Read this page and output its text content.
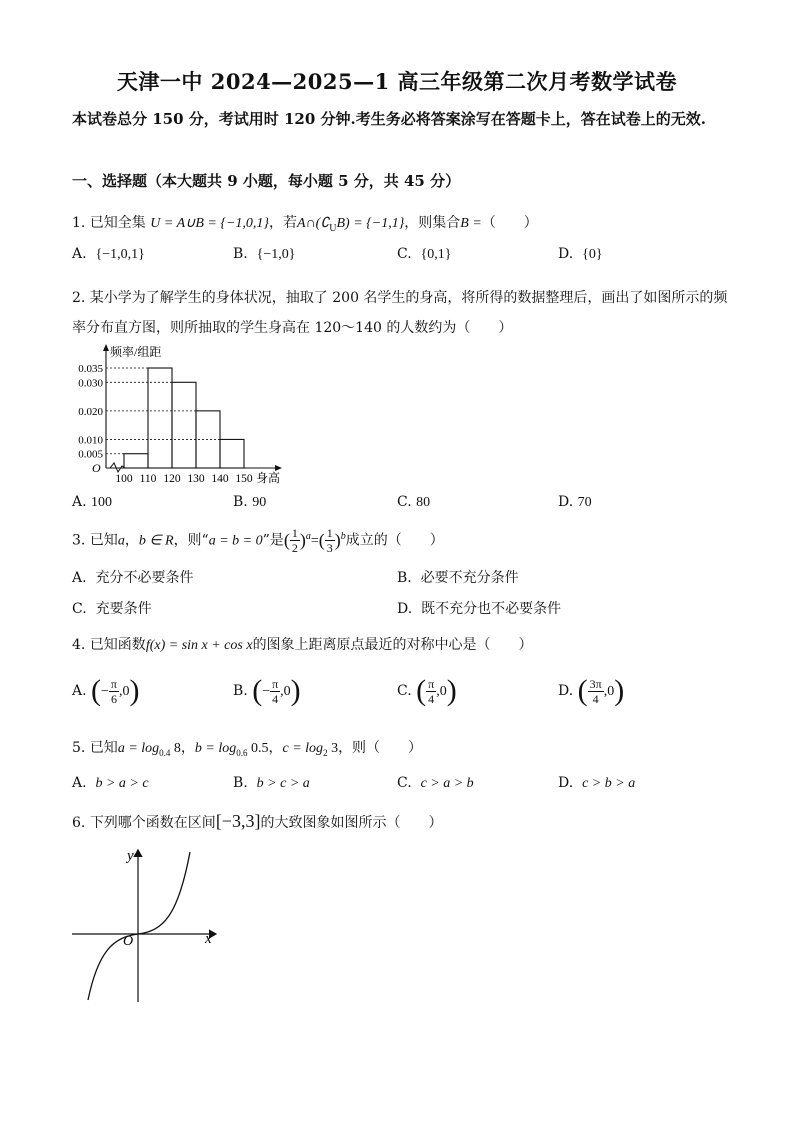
天津一中 2024—2025—1 高三年级第二次月考数学试卷
本试卷总分 150 分，考试用时 120 分钟.考生务必将答案涂写在答题卡上，答在试卷上的无效.
一、选择题（本大题共 9 小题，每小题 5 分，共 45 分）
1. 已知全集 U = A∪B = {−1,0,1}，若$A\cap(∁_UB) = \{-1,1\}$，则集合B =（　　）
A. {−1,0,1}	B. {−1,0}	C. {0,1}	D. {0}
2. 某小学为了解学生的身体状况，抽取了 200 名学生的身高，将所得的数据整理后，画出了如图所示的频
率分布直方图，则所抽取的学生身高在 120～140 的人数约为（　　）
0.035
0.030
0.020
0.010
0.005
100 110 120 130 140 150 身高
频率/组距
O
A. 100	B. 90	C. 80	D. 70
3. 已知a，b ∈ R，则“a = b = 0”是( $\frac{1}{2} )^a=( \frac{1}{3} )^b$成立的（　　）
A. 充分不必要条件	B. 必要不充分条件
C. 充要条件	D. 既不充分也不必要条件
4. 已知函数f(x) = sin x + cos x的图象上距离原点最近的对称中心是（　　）
A. (− $\frac{\pi}{6} ,0$)	B. (− $\frac{\pi}{4} ,0$)	C. ( $\frac{\pi}{4} ,0$)	D. ( $\frac{3\pi}{4} ,0$)
5. 已知$a = \log_{0.4} 8$，$b = \log_{0.6} 0.5$，$c = \log_2 3$，则（　　）
A. b > a > c	B. b > c > a	C. c > a > b	D. c > b > a
6. 下列哪个函数在区间[−3,3]的大致图象如图所示（　　）
x
y
O
